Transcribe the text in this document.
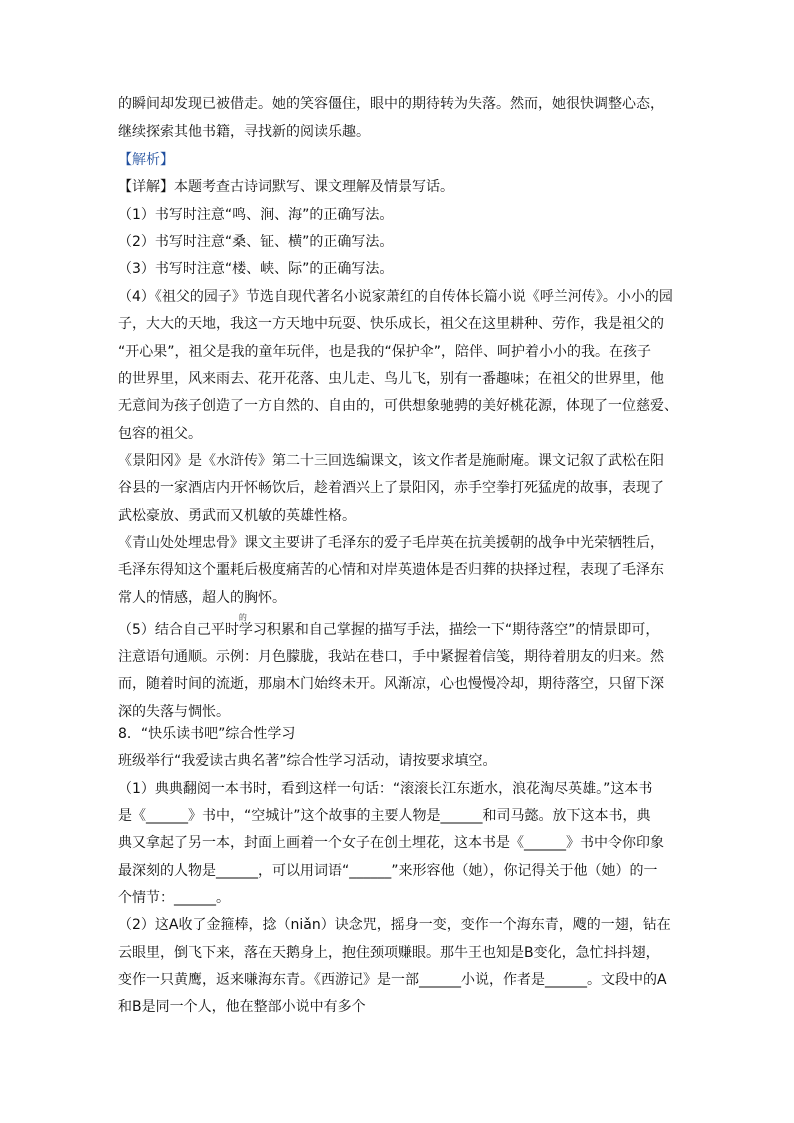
的瞬间却发现已被借走。她的笑容僵住，眼中的期待转为失落。然而，她很快调整心态，
继续探索其他书籍，寻找新的阅读乐趣。
【解析】
【详解】本题考查古诗词默写、课文理解及情景写话。
（1）书写时注意“鸣、涧、海”的正确写法。
（2）书写时注意“桑、钲、横”的正确写法。
（3）书写时注意“楼、峡、际”的正确写法。
（4）《祖父的园子》节选自现代著名小说家萧红的自传体长篇小说《呼兰河传》。小小的园
子，大大的天地，我这一方天地中玩耍、快乐成长，祖父在这里耕种、劳作，我是祖父的
“开心果”，祖父是我的童年玩伴，也是我的“保护伞”，陪伴、呵护着小小的我。在孩子
的世界里，风来雨去、花开花落、虫儿走、鸟儿飞，别有一番趣味；在祖父的世界里，他
无意间为孩子创造了一方自然的、自由的，可供想象驰骋的美好桃花源，体现了一位慈爱、
包容的祖父。
《景阳冈》是《水浒传》第二十三回选编课文，该文作者是施耐庵。课文记叙了武松在阳
谷县的一家酒店内开怀畅饮后，趁着酒兴上了景阳冈，赤手空拳打死猛虎的故事，表现了
武松豪放、勇武而又机敏的英雄性格。
《青山处处埋忠骨》课文主要讲了毛泽东的爱子毛岸英在抗美援朝的战争中光荣牺牲后，
毛泽东得知这个噩耗后极度痛苦的心情和对岸英遗体是否归葬的抉择过程，表现了毛泽东
常人的情感，超人的胸怀。
（5）结合自己平时
的
学习积累和自己掌握的描写手法，描绘一下“期待落空”的情景即可，
注意语句通顺。示例：月色朦胧，我站在巷口，手中紧握着信笺，期待着朋友的归来。然
而，随着时间的流逝，那扇木门始终未开。风渐凉，心也慢慢冷却，期待落空，只留下深
深的失落与惆怅。
8．“快乐读书吧”综合性学习
班级举行“我爱读古典名著”综合性学习活动，请按要求填空。
（1）典典翻阅一本书时，看到这样一句话：“滚滚长江东逝水，浪花淘尽英雄。”这本书
是《______》书中，“空城计”这个故事的主要人物是______和司马懿。放下这本书，典
典又拿起了另一本，封面上画着一个女子在创土埋花，这本书是《______》书中令你印象
最深刻的人物是______，可以用词语“______”来形容他（她），你记得关于他（她）的一
个情节：______。
（2）这A收了金箍棒，捻（niǎn）诀念咒，摇身一变，变作一个海东青，飕的一翅，钻在
云眼里，倒飞下来，落在天鹅身上，抱住颈项赚眼。那牛王也知是B变化，急忙抖抖翅，
变作一只黄鹰，返来嗛海东青。《西游记》是一部______小说，作者是______。文段中的A
和B是同一个人，他在整部小说中有多个
